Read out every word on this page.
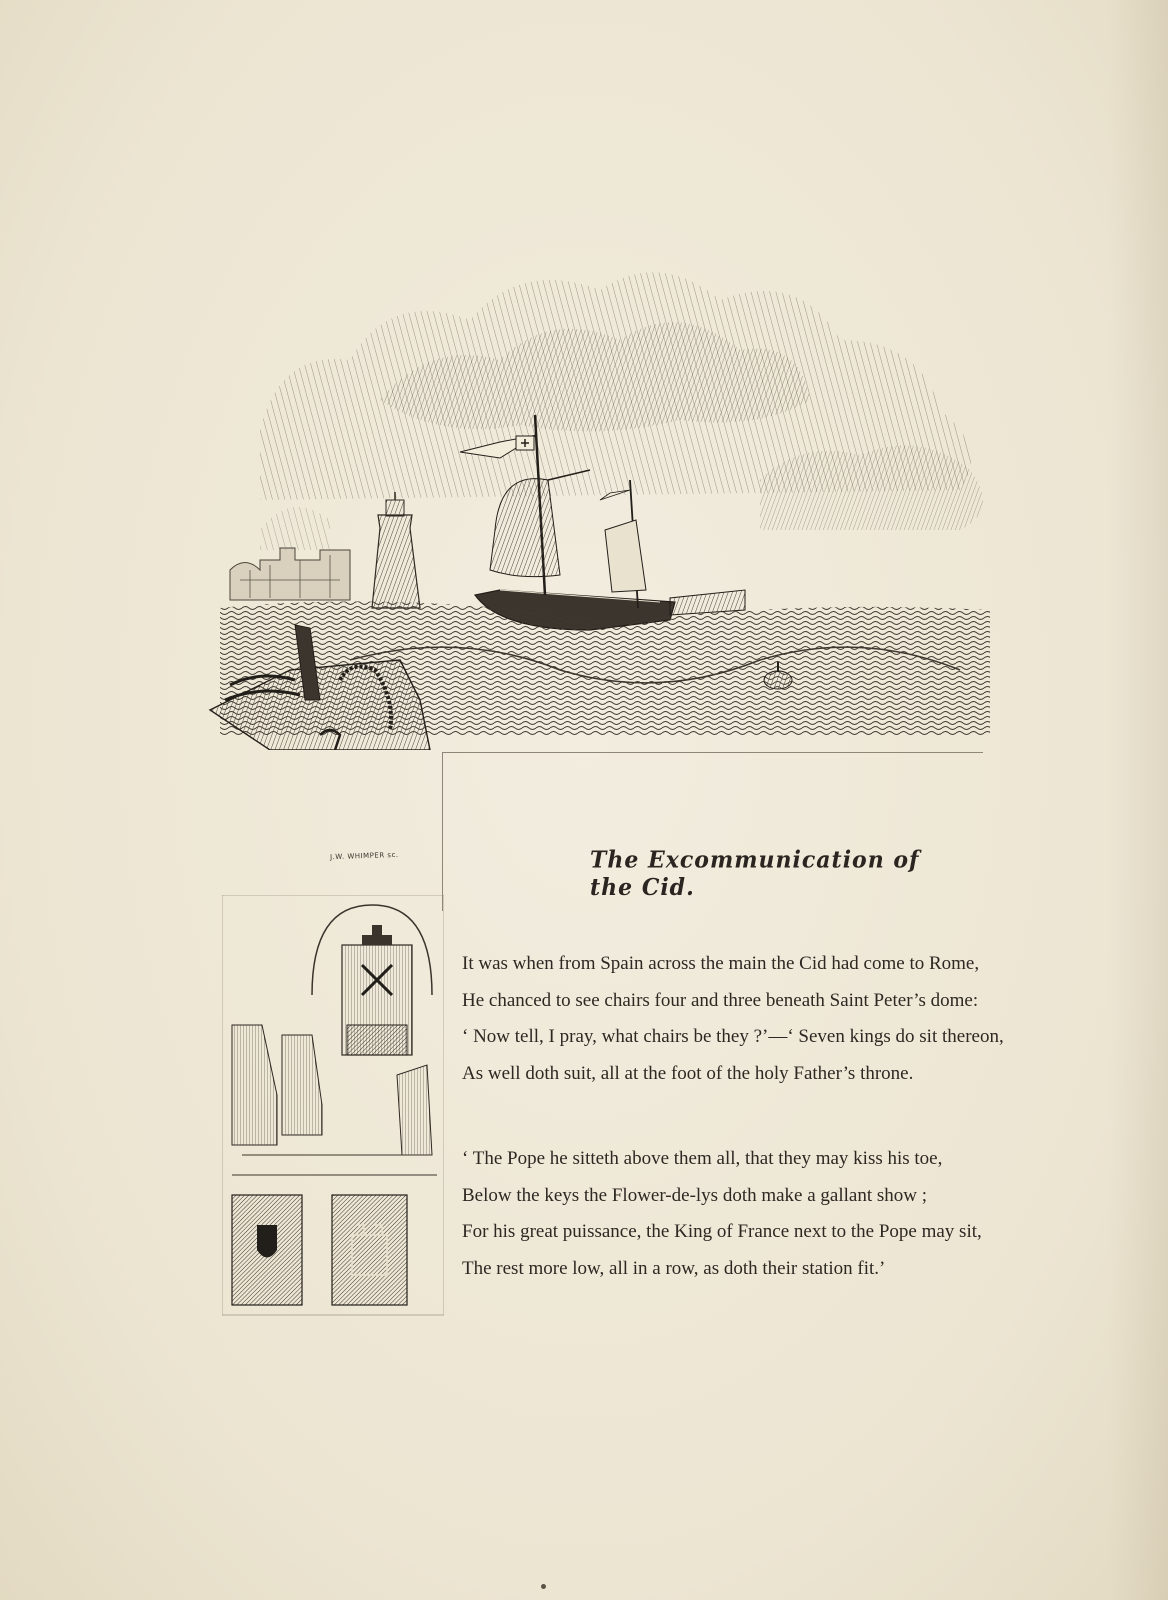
J.W. WHIMPER sc.	The Excommunication of the Cid.

It was when from Spain across the main the Cid had come to Rome,

He chanced to see chairs four and three beneath Saint Peter’s dome:

‘ Now tell, I pray, what chairs be they ?’—‘ Seven kings do sit thereon,

As well doth suit, all at the foot of the holy Father’s throne.

‘ The Pope he sitteth above them all, that they may kiss his toe,

Below the keys the Flower-de-lys doth make a gallant show ;

For his great puissance, the King of France next to the Pope may sit,

The rest more low, all in a row, as doth their station fit.’
